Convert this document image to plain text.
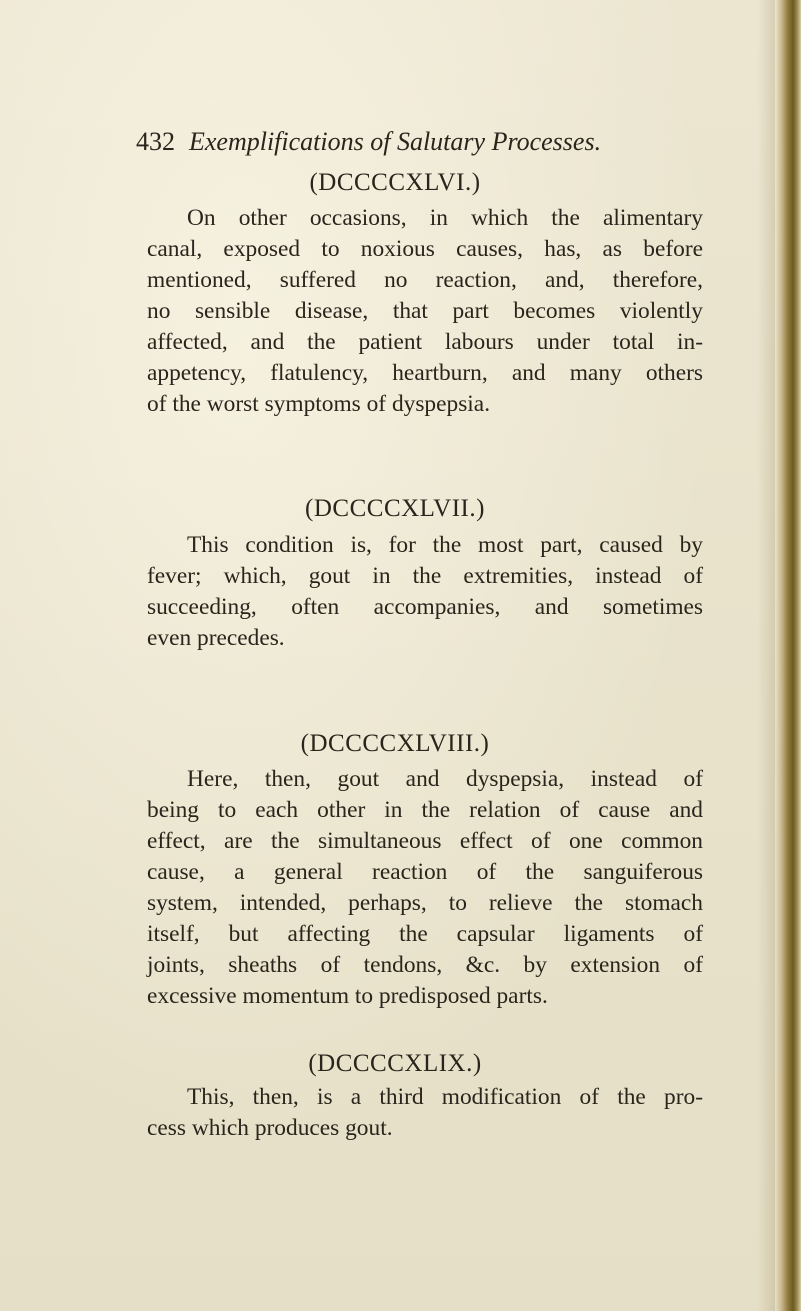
432 Exemplifications of Salutary Processes.
(DCCCCXLVI.)
On other occasions, in which the alimentary
canal, exposed to noxious causes, has, as before
mentioned, suffered no reaction, and, therefore,
no sensible disease, that part becomes violently
affected, and the patient labours under total in-
appetency, flatulency, heartburn, and many others
of the worst symptoms of dyspepsia.
(DCCCCXLVII.)
This condition is, for the most part, caused by
fever; which, gout in the extremities, instead of
succeeding, often accompanies, and sometimes
even precedes.
(DCCCCXLVIII.)
Here, then, gout and dyspepsia, instead of
being to each other in the relation of cause and
effect, are the simultaneous effect of one common
cause, a general reaction of the sanguiferous
system, intended, perhaps, to relieve the stomach
itself, but affecting the capsular ligaments of
joints, sheaths of tendons, &c. by extension of
excessive momentum to predisposed parts.
(DCCCCXLIX.)
This, then, is a third modification of the pro-
cess which produces gout.
